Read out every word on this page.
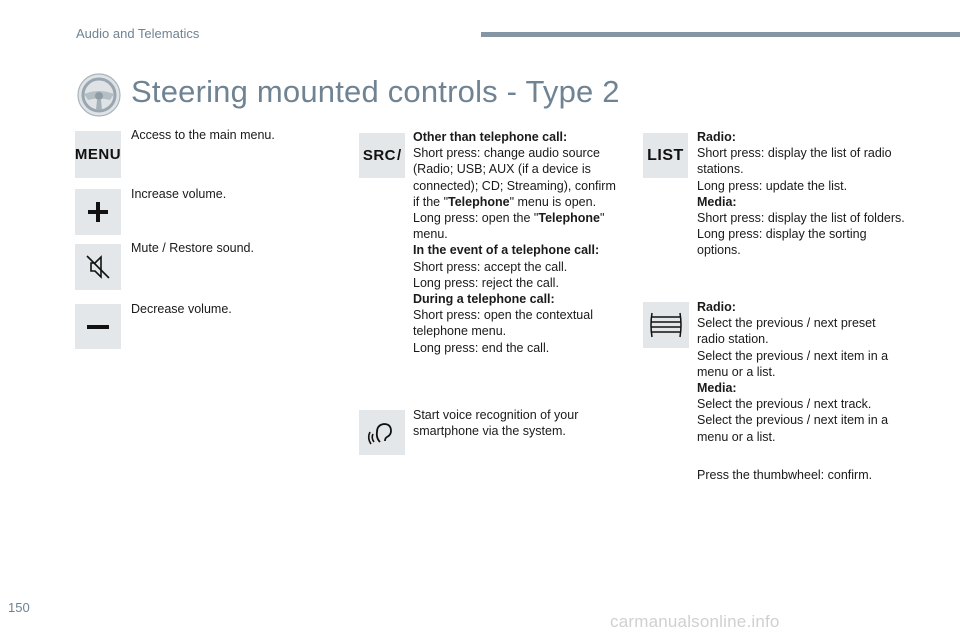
Audio and Telematics
Steering mounted controls - Type 2
MENU
Access to the main menu.
Increase volume.
Mute / Restore sound.
Decrease volume.
SRC /
Other than telephone call:
Short press: change audio source
(Radio; USB; AUX (if a device is
connected); CD; Streaming), confirm
if the "Telephone" menu is open.
Long press: open the "Telephone"
menu.
In the event of a telephone call:
Short press: accept the call.
Long press: reject the call.
During a telephone call:
Short press: open the contextual
telephone menu.
Long press: end the call.
Start voice recognition of your
smartphone via the system.
LIST
Radio:
Short press: display the list of radio
stations.
Long press: update the list.
Media:
Short press: display the list of folders.
Long press: display the sorting
options.
Radio:
Select the previous / next preset
radio station.
Select the previous / next item in a
menu or a list.
Media:
Select the previous / next track.
Select the previous / next item in a
menu or a list.
Press the thumbwheel: confirm.
150
carmanualsonline.info
